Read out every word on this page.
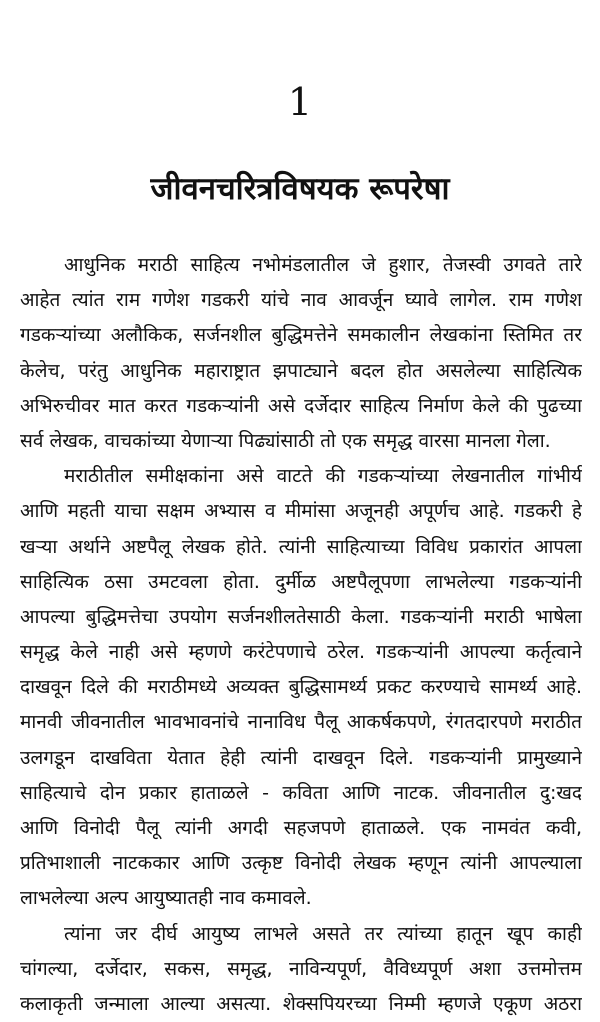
1
जीवनचरित्रविषयक रूपरेषा
आधुनिक मराठी साहित्य नभोमंडलातील जे हुशार, तेजस्वी उगवते तारे
आहेत त्यांत राम गणेश गडकरी यांचे नाव आवर्जून घ्यावे लागेल. राम गणेश
गडकऱ्यांच्या अलौकिक, सर्जनशील बुद्धिमत्तेने समकालीन लेखकांना स्तिमित तर
केलेच, परंतु आधुनिक महाराष्ट्रात झपाट्याने बदल होत असलेल्या साहित्यिक
अभिरुचीवर मात करत गडकऱ्यांनी असे दर्जेदार साहित्य निर्माण केले की पुढच्या
सर्व लेखक, वाचकांच्या येणाऱ्या पिढ्यांसाठी तो एक समृद्ध वारसा मानला गेला.
मराठीतील समीक्षकांना असे वाटते की गडकऱ्यांच्या लेखनातील गांभीर्य
आणि महती याचा सक्षम अभ्यास व मीमांसा अजूनही अपूर्णच आहे. गडकरी हे
खऱ्या अर्थाने अष्टपैलू लेखक होते. त्यांनी साहित्याच्या विविध प्रकारांत आपला
साहित्यिक ठसा उमटवला होता. दुर्मीळ अष्टपैलूपणा लाभलेल्या गडकऱ्यांनी
आपल्या बुद्धिमत्तेचा उपयोग सर्जनशीलतेसाठी केला. गडकऱ्यांनी मराठी भाषेला
समृद्ध केले नाही असे म्हणणे करंटेपणाचे ठरेल. गडकऱ्यांनी आपल्या कर्तृत्वाने
दाखवून दिले की मराठीमध्ये अव्यक्त बुद्धिसामर्थ्य प्रकट करण्याचे सामर्थ्य आहे.
मानवी जीवनातील भावभावनांचे नानाविध पैलू आकर्षकपणे, रंगतदारपणे मराठीत
उलगडून दाखविता येतात हेही त्यांनी दाखवून दिले. गडकऱ्यांनी प्रामुख्याने
साहित्याचे दोन प्रकार हाताळले - कविता आणि नाटक. जीवनातील दु:खद
आणि विनोदी पैलू त्यांनी अगदी सहजपणे हाताळले. एक नामवंत कवी,
प्रतिभाशाली नाटककार आणि उत्कृष्ट विनोदी लेखक म्हणून त्यांनी आपल्याला
लाभलेल्या अल्प आयुष्यातही नाव कमावले.
त्यांना जर दीर्घ आयुष्य लाभले असते तर त्यांच्या हातून खूप काही
चांगल्या, दर्जेदार, सकस, समृद्ध, नाविन्यपूर्ण, वैविध्यपूर्ण अशा उत्तमोत्तम
कलाकृती जन्माला आल्या असत्या. शेक्सपियरच्या निम्मी म्हणजे एकूण अठरा
